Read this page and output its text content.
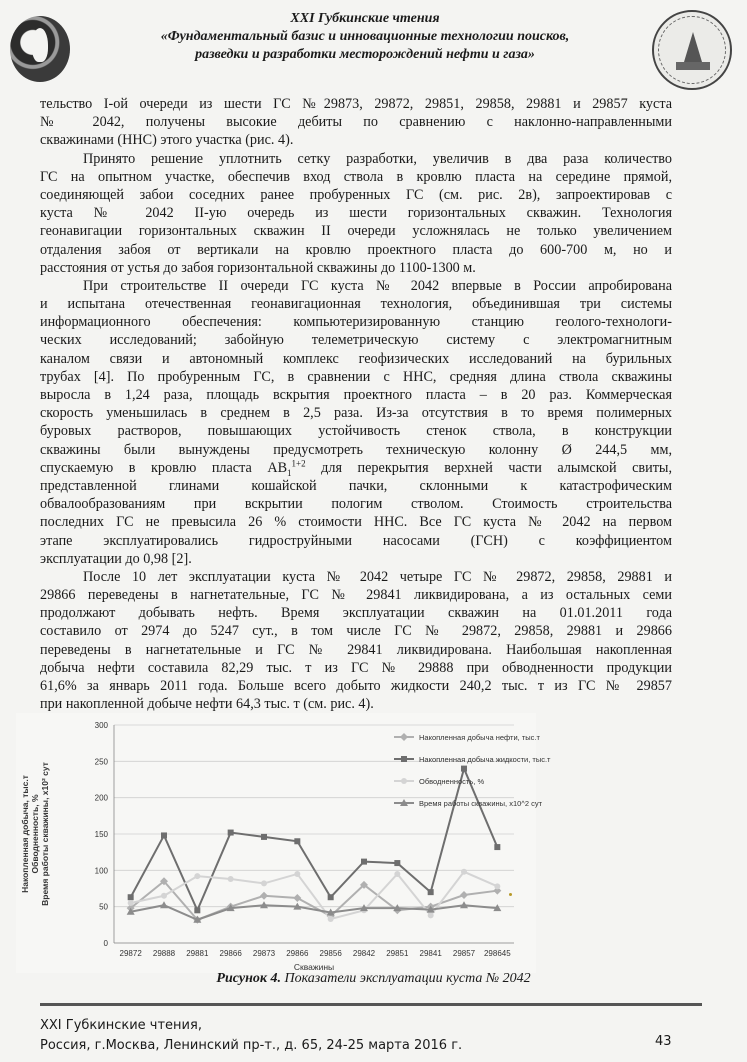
XXI Губкинские чтения
«Фундаментальный базис и инновационные технологии поисков,
разведки и разработки месторождений нефти и газа»
тельство I-ой очереди из шести ГС №29873, 29872, 29851, 29858, 29881 и 29857 куста
№ 2042, получены высокие дебиты по сравнению с наклонно-направленными
скважинами (ННС) этого участка (рис. 4).
Принято решение уплотнить сетку разработки, увеличив в два раза количество
ГС на опытном участке, обеспечив вход ствола в кровлю пласта на середине прямой,
соединяющей забои соседних ранее пробуренных ГС (см. рис. 2в), запроектировав с
куста № 2042 II-ую очередь из шести горизонтальных скважин. Технология
геонавигации горизонтальных скважин II очереди усложнялась не только увеличением
отдаления забоя от вертикали на кровлю проектного пласта до 600-700 м, но и
расстояния от устья до забоя горизонтальной скважины до 1100-1300 м.
При строительстве II очереди ГС куста № 2042 впервые в России апробирована
и испытана отечественная геонавигационная технология, объединившая три системы
информационного обеспечения: компьютеризированную станцию геолого-технологи-
ческих исследований; забойную телеметрическую систему с электромагнитным
каналом связи и автономный комплекс геофизических исследований на бурильных
трубах [4]. По пробуренным ГС, в сравнении с ННС, средняя длина ствола скважины
выросла в 1,24 раза, площадь вскрытия проектного пласта – в 20 раз. Коммерческая
скорость уменьшилась в среднем в 2,5 раза. Из-за отсутствия в то время полимерных
буровых растворов, повышающих устойчивость стенок ствола, в конструкции
скважины были вынуждены предусмотреть техническую колонну Ø 244,5 мм,
спускаемую в кровлю пласта $АВ_1^{1+2}$ для перекрытия верхней части алымской свиты,
представленной глинами кошайской пачки, склонными к катастрофическим
обвалообразованиям при вскрытии пологим стволом. Стоимость строительства
последних ГС не превысила 26 % стоимости ННС. Все ГС куста № 2042 на первом
этапе эксплуатировались гидроструйными насосами (ГСН) с коэффициентом
эксплуатации до 0,98 [2].
После 10 лет эксплуатации куста № 2042 четыре ГС № 29872, 29858, 29881 и
29866 переведены в нагнетательные, ГС № 29841 ликвидирована, а из остальных семи
продолжают добывать нефть. Время эксплуатации скважин на 01.01.2011 года
составило от 2974 до 5247 сут., в том числе ГС № 29872, 29858, 29881 и 29866
переведены в нагнетательные и ГС № 29841 ликвидирована. Наибольшая накопленная
добыча нефти составила 82,29 тыс. т из ГС № 29888 при обводненности продукции
61,6% за январь 2011 года. Больше всего добыто жидкости 240,2 тыс. т из ГС № 29857
при накопленной добыче нефти 64,3 тыс. т (см. рис. 4).
0
50
100
150
200
250
300
29872 29888 29881 29866 29873 29866 29856 29842 29851 29841 29857 298645
Скважины
Накопленная добыча, тыс.т Обводненность, % Время работы скважины, х10² сут
Накопленная добыча нефти, тыс.т
Накопленная добыча жидкости, тыс.т
Обводненность, %
Время работы скважины, х10^2 сут
Рисунок 4. Показатели эксплуатации куста № 2042
XXI Губкинские чтения,
Россия, г.Москва, Ленинский пр-т., д. 65, 24-25 марта 2016 г.	43
